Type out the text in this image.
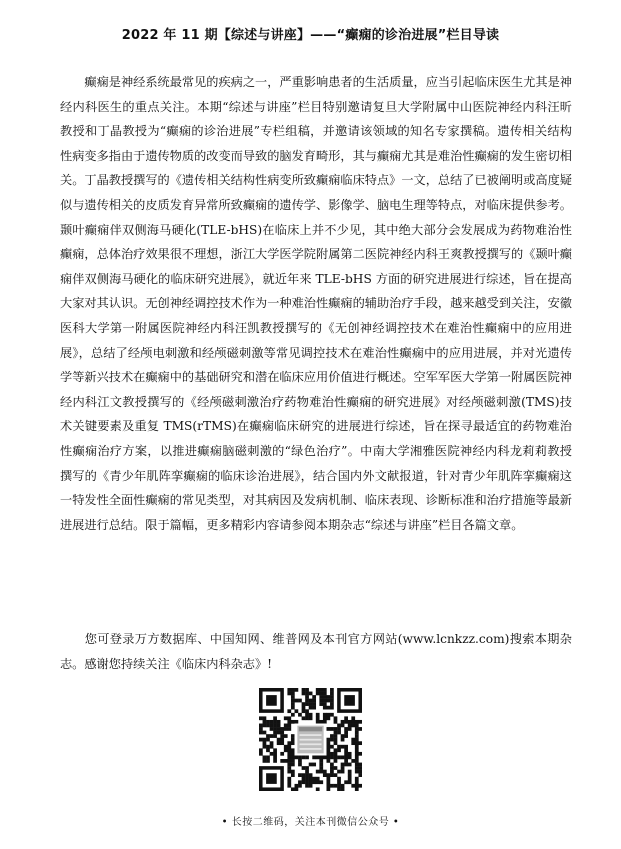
2022 年 11 期【综述与讲座】——“癫痫的诊治进展”栏目导读

癫痫是神经系统最常见的疾病之一，严重影响患者的生活质量，应当引起临床医生尤其是神经内科医生的重点关注。本期“综述与讲座”栏目特别邀请复旦大学附属中山医院神经内科汪昕教授和丁晶教授为“癫痫的诊治进展”专栏组稿，并邀请该领域的知名专家撰稿。遗传相关结构性病变多指由于遗传物质的改变而导致的脑发育畸形，其与癫痫尤其是难治性癫痫的发生密切相关。丁晶教授撰写的《遗传相关结构性病变所致癫痫临床特点》一文，总结了已被阐明或高度疑似与遗传相关的皮质发育异常所致癫痫的遗传学、影像学、脑电生理等特点，对临床提供参考。颞叶癫痫伴双侧海马硬化(TLE-bHS)在临床上并不少见，其中绝大部分会发展成为药物难治性癫痫，总体治疗效果很不理想，浙江大学医学院附属第二医院神经内科王爽教授撰写的《颞叶癫痫伴双侧海马硬化的临床研究进展》，就近年来 TLE-bHS 方面的研究进展进行综述，旨在提高大家对其认识。无创神经调控技术作为一种难治性癫痫的辅助治疗手段，越来越受到关注，安徽医科大学第一附属医院神经内科汪凯教授撰写的《无创神经调控技术在难治性癫痫中的应用进展》，总结了经颅电刺激和经颅磁刺激等常见调控技术在难治性癫痫中的应用进展，并对光遗传学等新兴技术在癫痫中的基础研究和潜在临床应用价值进行概述。空军军医大学第一附属医院神经内科江文教授撰写的《经颅磁刺激治疗药物难治性癫痫的研究进展》对经颅磁刺激(TMS)技术关键要素及重复 TMS(rTMS)在癫痫临床研究的进展进行综述，旨在探寻最适宜的药物难治性癫痫治疗方案，以推进癫痫脑磁刺激的“绿色治疗”。中南大学湘雅医院神经内科龙莉莉教授撰写的《青少年肌阵挛癫痫的临床诊治进展》，结合国内外文献报道，针对青少年肌阵挛癫痫这一特发性全面性癫痫的常见类型，对其病因及发病机制、临床表现、诊断标准和治疗措施等最新进展进行总结。限于篇幅，更多精彩内容请参阅本期杂志“综述与讲座”栏目各篇文章。

您可登录万方数据库、中国知网、维普网及本刊官方网站(www.lcnkzz.com)搜索本期杂志。感谢您持续关注《临床内科杂志》!

• 长按二维码，关注本刊微信公众号 •
